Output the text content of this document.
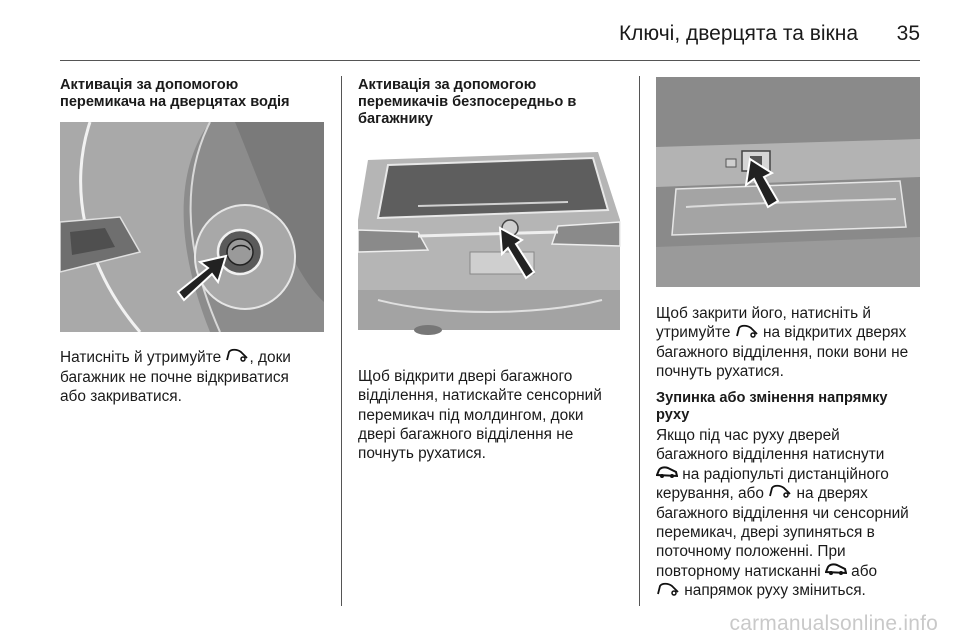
Ключі, дверцята та вікна 35

Активація за допомогою
перемикача на дверцятах водія

Натисніть й утримуйте , доки
багажник не почне відкриватися
або закриватися.

Активація за допомогою
перемикачів безпосередньо в
багажнику

Щоб відкрити двері багажного
відділення, натискайте сенсорний
перемикач під молдингом, доки
двері багажного відділення не
почнуть рухатися.

Щоб закрити його, натисніть й
утримуйте  на відкритих дверях
багажного відділення, поки вони не
почнуть рухатися.

Зупинка або змінення напрямку
руху

Якщо під час руху дверей
багажного відділення натиснути
на радіопульті дистанційного
керування, або  на дверях
багажного відділення чи сенсорний
перемикач, двері зупиняться в
поточному положенні. При
повторному натисканні  або
напрямок руху зміниться.

carmanualsonline.info
